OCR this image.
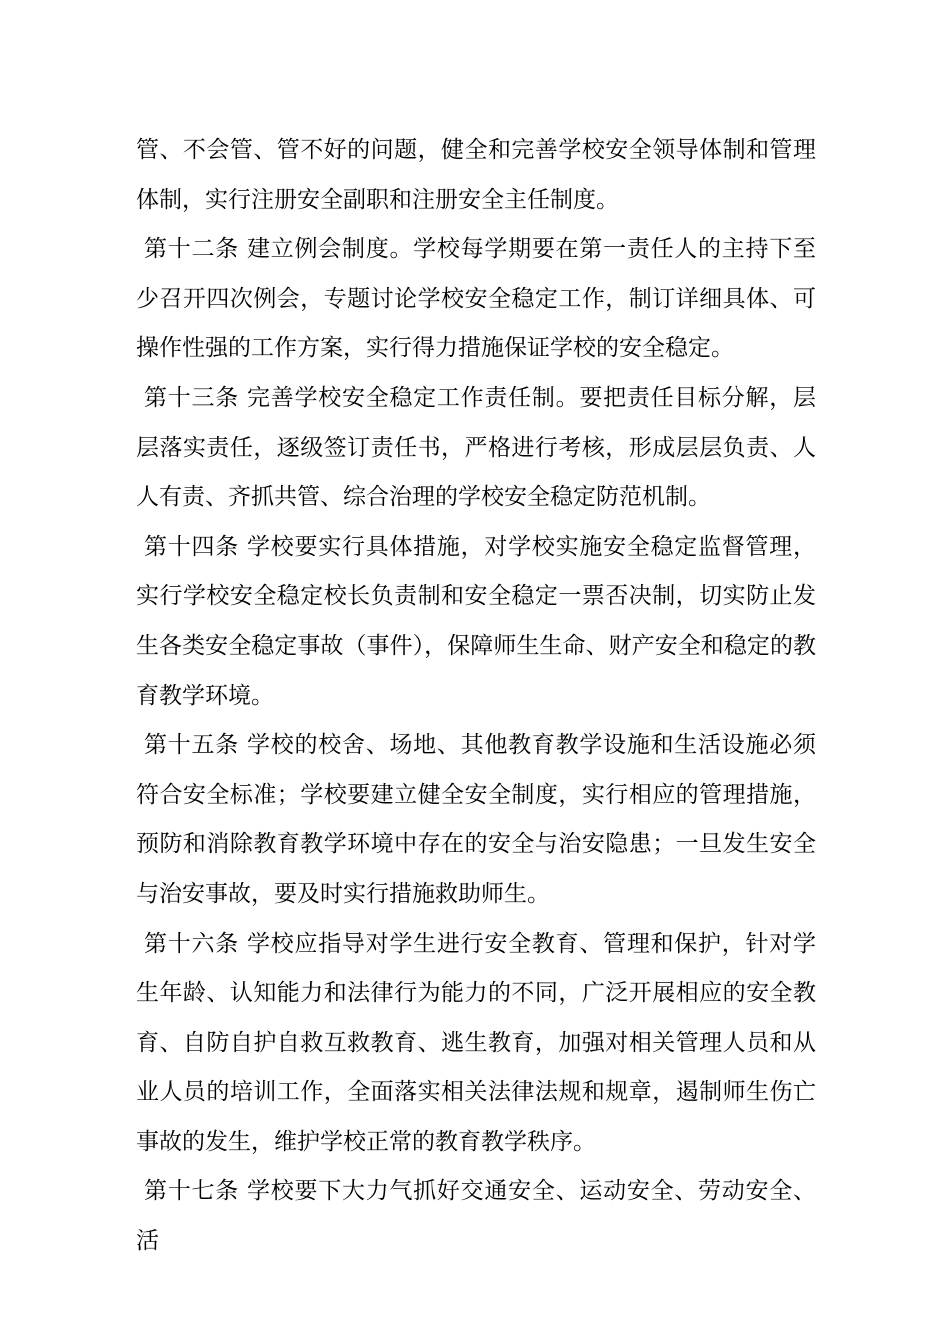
管、不会管、管不好的问题，健全和完善学校安全领导体制和管理体制，实行注册安全副职和注册安全主任制度。

第十二条 建立例会制度。学校每学期要在第一责任人的主持下至少召开四次例会，专题讨论学校安全稳定工作，制订详细具体、可操作性强的工作方案，实行得力措施保证学校的安全稳定。

第十三条 完善学校安全稳定工作责任制。要把责任目标分解，层层落实责任，逐级签订责任书，严格进行考核，形成层层负责、人人有责、齐抓共管、综合治理的学校安全稳定防范机制。

第十四条 学校要实行具体措施，对学校实施安全稳定监督管理，实行学校安全稳定校长负责制和安全稳定一票否决制，切实防止发生各类安全稳定事故（事件），保障师生生命、财产安全和稳定的教育教学环境。

第十五条 学校的校舍、场地、其他教育教学设施和生活设施必须符合安全标准；学校要建立健全安全制度，实行相应的管理措施，预防和消除教育教学环境中存在的安全与治安隐患；一旦发生安全与治安事故，要及时实行措施救助师生。

第十六条 学校应指导对学生进行安全教育、管理和保护，针对学生年龄、认知能力和法律行为能力的不同，广泛开展相应的安全教育、自防自护自救互救教育、逃生教育，加强对相关管理人员和从业人员的培训工作，全面落实相关法律法规和规章，遏制师生伤亡事故的发生，维护学校正常的教育教学秩序。

第十七条 学校要下大力气抓好交通安全、运动安全、劳动安全、活
